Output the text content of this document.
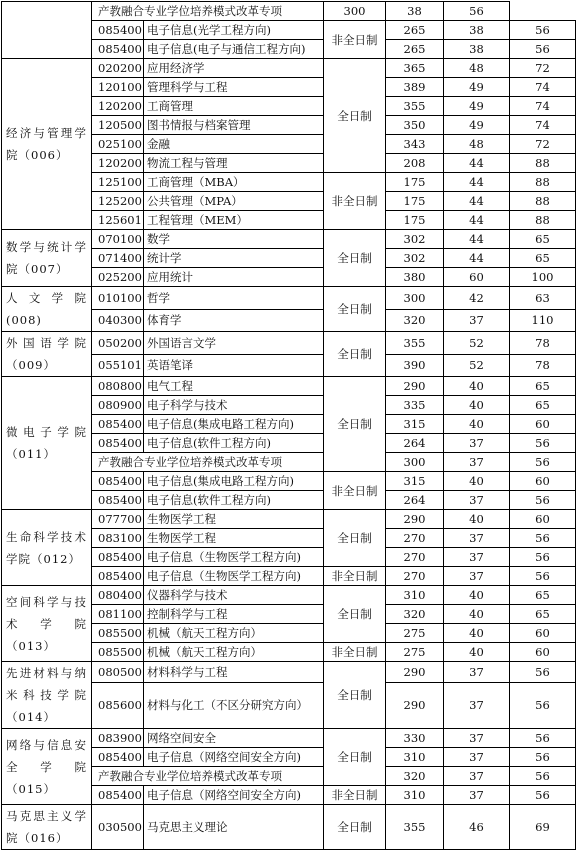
	产教融合专业学位培养模式改革专项		300	38	56	
	085400	电子信息(光学工程方向)	非全日制	265	38	56
	085400	电子信息(电子与通信工程方向)		265	38	56
经济与管理学院（006）	020200	应用经济学	全日制	365	48	72
	120100	管理科学与工程		389	49	74
	120200	工商管理		355	49	74
	120500	图书情报与档案管理		350	49	74
	025100	金融		343	48	72
	120200	物流工程与管理		208	44	88
	125100	工商管理（MBA）	非全日制	175	44	88
	125200	公共管理（MPA）		175	44	88
	125601	工程管理（MEM）		175	44	88
数学与统计学院（007）	070100	数学	全日制	302	44	65
	071400	统计学		302	44	65
	025200	应用统计		380	60	100
人文学院(008)	010100	哲学	全日制	300	42	63
	040300	体育学		320	37	110
外国语学院（009）	050200	外国语言文学	全日制	355	52	78
	055101	英语笔译		390	52	78
微电子学院（011）	080800	电气工程	全日制	290	40	65
	080900	电子科学与技术		335	40	65
	085400	电子信息(集成电路工程方向)		315	40	60
	085400	电子信息(软件工程方向)		264	37	56
	产教融合专业学位培养模式改革专项			300	37	56
	085400	电子信息(集成电路工程方向)	非全日制	315	40	60
	085400	电子信息(软件工程方向)		264	37	56
生命科学技术学院（012）	077700	生物医学工程	全日制	290	40	60
	083100	生物医学工程		270	37	56
	085400	电子信息（生物医学工程方向)		270	37	56
	085400	电子信息（生物医学工程方向)	非全日制	270	37	56
空间科学与技术学院（013）	080400	仪器科学与技术	全日制	310	40	65
	081100	控制科学与工程		320	40	65
	085500	机械（航天工程方向）		275	40	60
	085500	机械（航天工程方向）	非全日制	275	40	60
先进材料与纳米科技学院（014）	080500	材料科学与工程	全日制	290	37	56
	085600	材料与化工（不区分研究方向）		290	37	56
网络与信息安全学院（015）	083900	网络空间安全	全日制	330	37	56
	085400	电子信息（网络空间安全方向)		310	37	56
	产教融合专业学位培养模式改革专项			320	37	56
	085400	电子信息（网络空间安全方向)	非全日制	310	37	56
马克思主义学院（016）	030500	马克思主义理论	全日制	355	46	69
